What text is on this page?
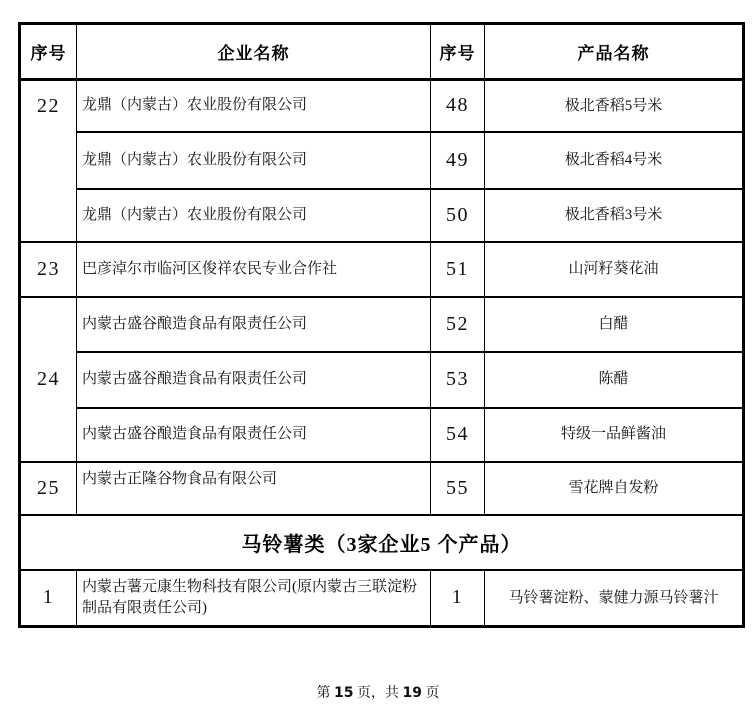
序号	企业名称	序号	产品名称
22	龙鼎（内蒙古）农业股份有限公司	48	极北香稻5号米
	龙鼎（内蒙古）农业股份有限公司	49	极北香稻4号米
	龙鼎（内蒙古）农业股份有限公司	50	极北香稻3号米
23	巴彦淖尔市临河区俊祥农民专业合作社	51	山河籽葵花油
24	内蒙古盛谷酿造食品有限责任公司	52	白醋
	内蒙古盛谷酿造食品有限责任公司	53	陈醋
	内蒙古盛谷酿造食品有限责任公司	54	特级一品鲜酱油
25	内蒙古正隆谷物食品有限公司	55	雪花牌自发粉
马铃薯类（3家企业5 个产品）			
1	内蒙古薯元康生物科技有限公司(原内蒙古三联淀粉制品有限责任公司)	1	马铃薯淀粉、蒙健力源马铃薯汁
第 15 页，共 19 页
